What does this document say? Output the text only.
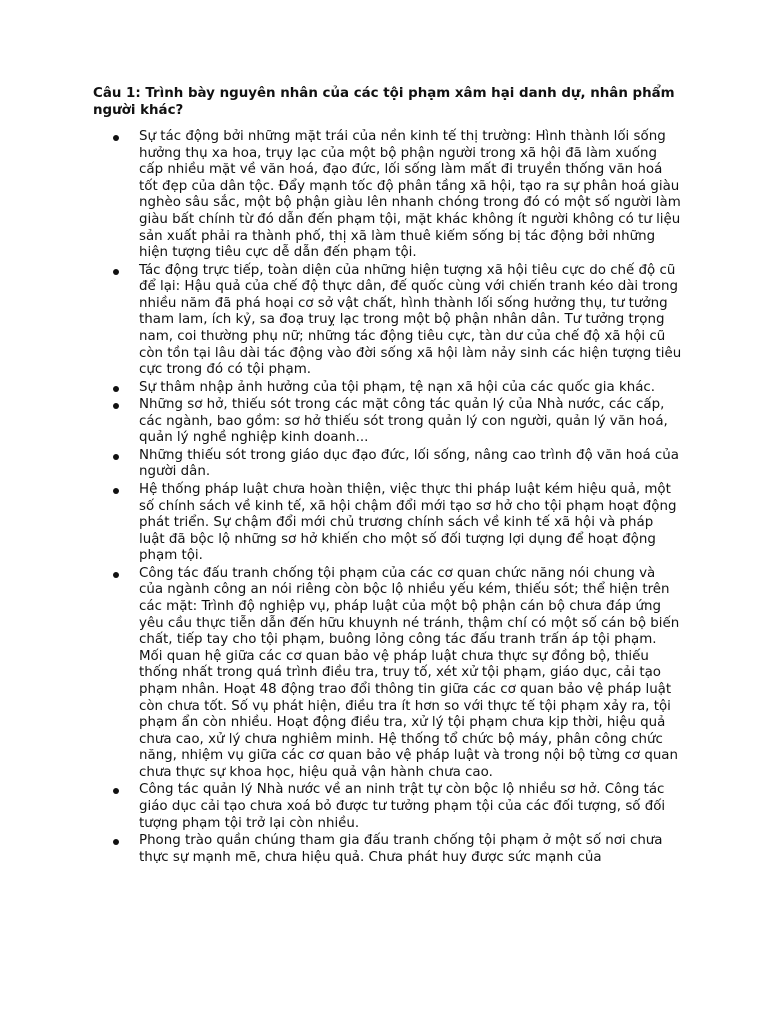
Câu 1: Trình bày nguyên nhân của các tội phạm xâm hại danh dự, nhân phẩm người khác?

Sự tác động bởi những mặt trái của nền kinh tế thị trường: Hình thành lối sống hưởng thụ xa hoa, trụy lạc của một bộ phận người trong xã hội đã làm xuống cấp nhiều mặt về văn hoá, đạo đức, lối sống làm mất đi truyền thống văn hoá tốt đẹp của dân tộc. Đẩy mạnh tốc độ phân tầng xã hội, tạo ra sự phân hoá giàu nghèo sâu sắc, một bộ phận giàu lên nhanh chóng trong đó có một số người làm giàu bất chính từ đó dẫn đến phạm tội, mặt khác không ít người không có tư liệu sản xuất phải ra thành phố, thị xã làm thuê kiếm sống bị tác động bởi những hiện tượng tiêu cực dễ dẫn đến phạm tội.
Tác động trực tiếp, toàn diện của những hiện tượng xã hội tiêu cực do chế độ cũ để lại: Hậu quả của chế độ thực dân, đế quốc cùng với chiến tranh kéo dài trong nhiều năm đã phá hoại cơ sở vật chất, hình thành lối sống hưởng thụ, tư tưởng tham lam, ích kỷ, sa đoạ truỵ lạc trong một bộ phận nhân dân. Tư tưởng trọng nam, coi thường phụ nữ; những tác động tiêu cực, tàn dư của chế độ xã hội cũ còn tồn tại lâu dài tác động vào đời sống xã hội làm nảy sinh các hiện tượng tiêu cực trong đó có tội phạm.
Sự thâm nhập ảnh hưởng của tội phạm, tệ nạn xã hội của các quốc gia khác.
Những sơ hở, thiếu sót trong các mặt công tác quản lý của Nhà nước, các cấp, các ngành, bao gồm: sơ hở thiếu sót trong quản lý con người, quản lý văn hoá, quản lý nghề nghiệp kinh doanh...
Những thiếu sót trong giáo dục đạo đức, lối sống, nâng cao trình độ văn hoá của người dân.
Hệ thống pháp luật chưa hoàn thiện, việc thực thi pháp luật kém hiệu quả, một số chính sách về kinh tế, xã hội chậm đổi mới tạo sơ hở cho tội phạm hoạt động phát triển. Sự chậm đổi mới chủ trương chính sách về kinh tế xã hội và pháp luật đã bộc lộ những sơ hở khiến cho một số đối tượng lợi dụng để hoạt động phạm tội.
Công tác đấu tranh chống tội phạm của các cơ quan chức năng nói chung và của ngành công an nói riêng còn bộc lộ nhiều yếu kém, thiếu sót; thể hiện trên các mặt: Trình độ nghiệp vụ, pháp luật của một bộ phận cán bộ chưa đáp ứng yêu cầu thực tiễn dẫn đến hữu khuynh né tránh, thậm chí có một số cán bộ biến chất, tiếp tay cho tội phạm, buông lỏng công tác đấu tranh trấn áp tội phạm. Mối quan hệ giữa các cơ quan bảo vệ pháp luật chưa thực sự đồng bộ, thiếu thống nhất trong quá trình điều tra, truy tố, xét xử tội phạm, giáo dục, cải tạo phạm nhân. Hoạt 48 động trao đổi thông tin giữa các cơ quan bảo vệ pháp luật còn chưa tốt. Số vụ phát hiện, điều tra ít hơn so với thực tế tội phạm xảy ra, tội phạm ẩn còn nhiều. Hoạt động điều tra, xử lý tội phạm chưa kịp thời, hiệu quả chưa cao, xử lý chưa nghiêm minh. Hệ thống tổ chức bộ máy, phân công chức năng, nhiệm vụ giữa các cơ quan bảo vệ pháp luật và trong nội bộ từng cơ quan chưa thực sự khoa học, hiệu quả vận hành chưa cao.
Công tác quản lý Nhà nước về an ninh trật tự còn bộc lộ nhiều sơ hở. Công tác giáo dục cải tạo chưa xoá bỏ được tư tưởng phạm tội của các đối tượng, số đối tượng phạm tội trở lại còn nhiều.
Phong trào quần chúng tham gia đấu tranh chống tội phạm ở một số nơi chưa thực sự mạnh mẽ, chưa hiệu quả. Chưa phát huy được sức mạnh của
